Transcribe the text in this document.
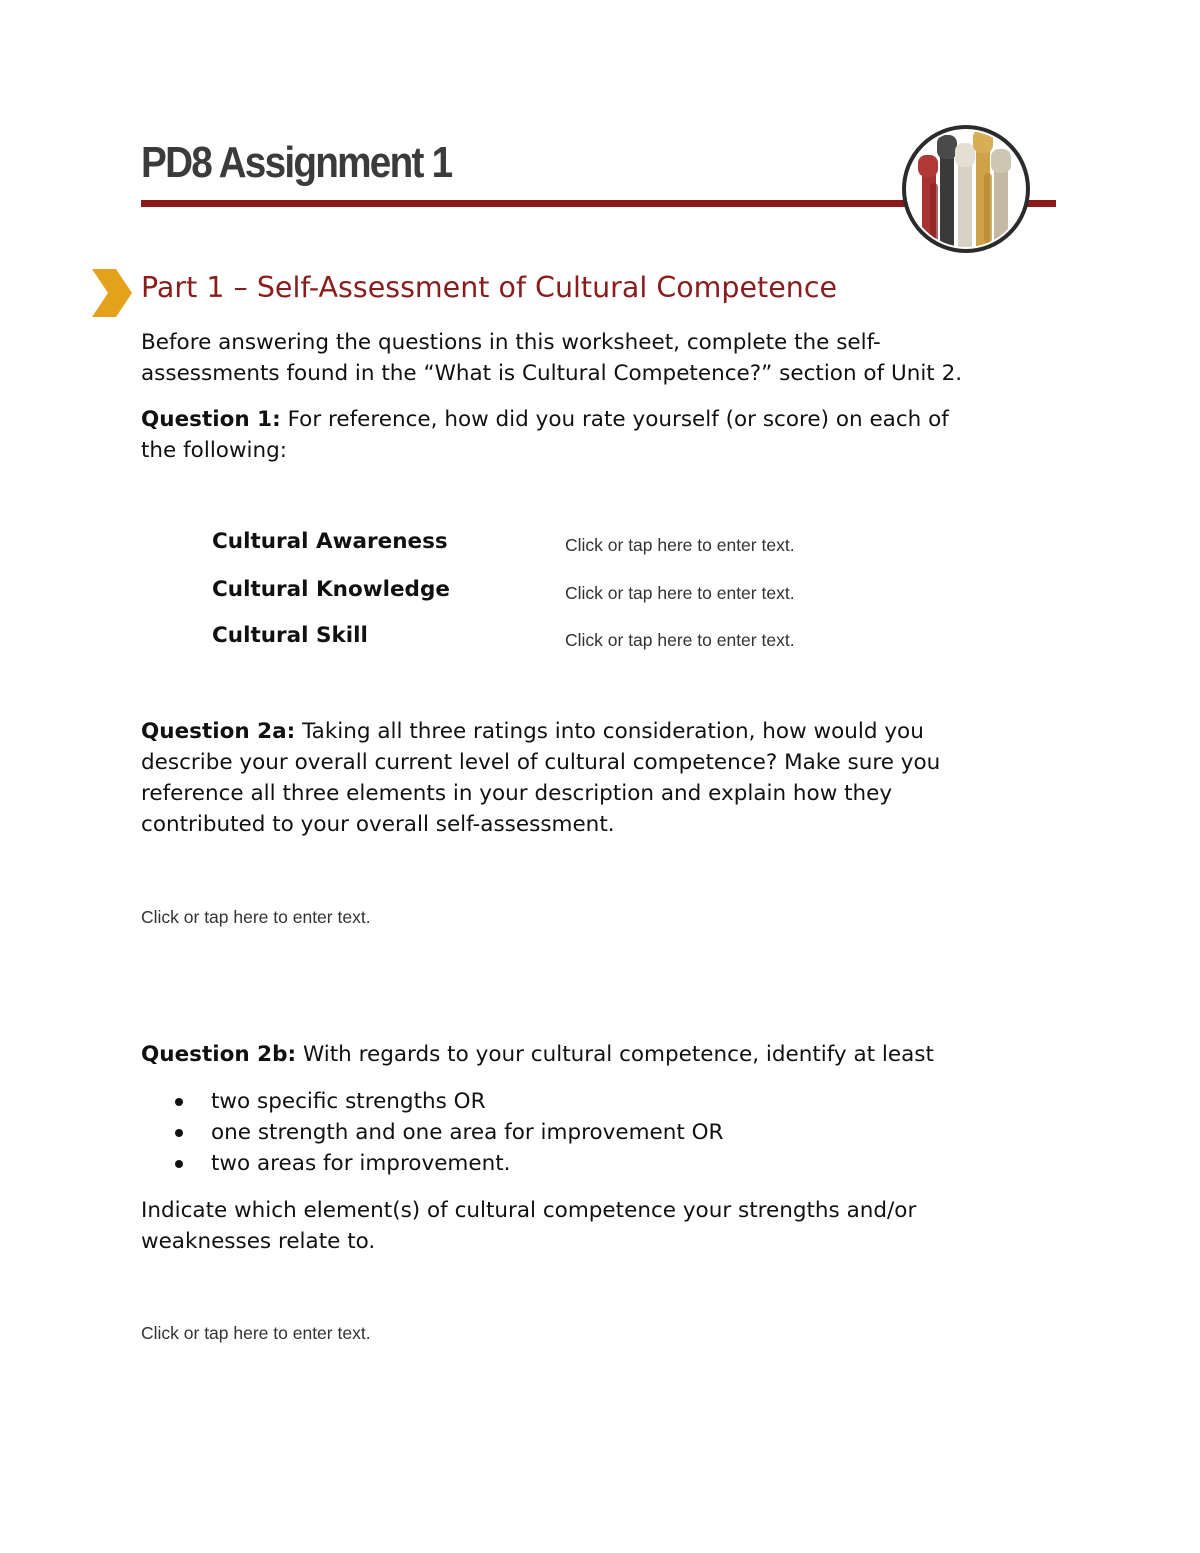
PD8 Assignment 1
Part 1 – Self-Assessment of Cultural Competence

Before answering the questions in this worksheet, complete the self-

assessments found in the “What is Cultural Competence?” section of Unit 2.

Question 1: For reference, how did you rate yourself (or score) on each of

the following:

Cultural Awareness	Click or tap here to enter text.

Cultural Knowledge	Click or tap here to enter text.

Cultural Skill	Click or tap here to enter text.

Question 2a: Taking all three ratings into consideration, how would you

describe your overall current level of cultural competence? Make sure you

reference all three elements in your description and explain how they

contributed to your overall self-assessment.

Click or tap here to enter text.

Question 2b: With regards to your cultural competence, identify at least

two specific strengths OR
one strength and one area for improvement OR
two areas for improvement.

Indicate which element(s) of cultural competence your strengths and/or

weaknesses relate to.

Click or tap here to enter text.
